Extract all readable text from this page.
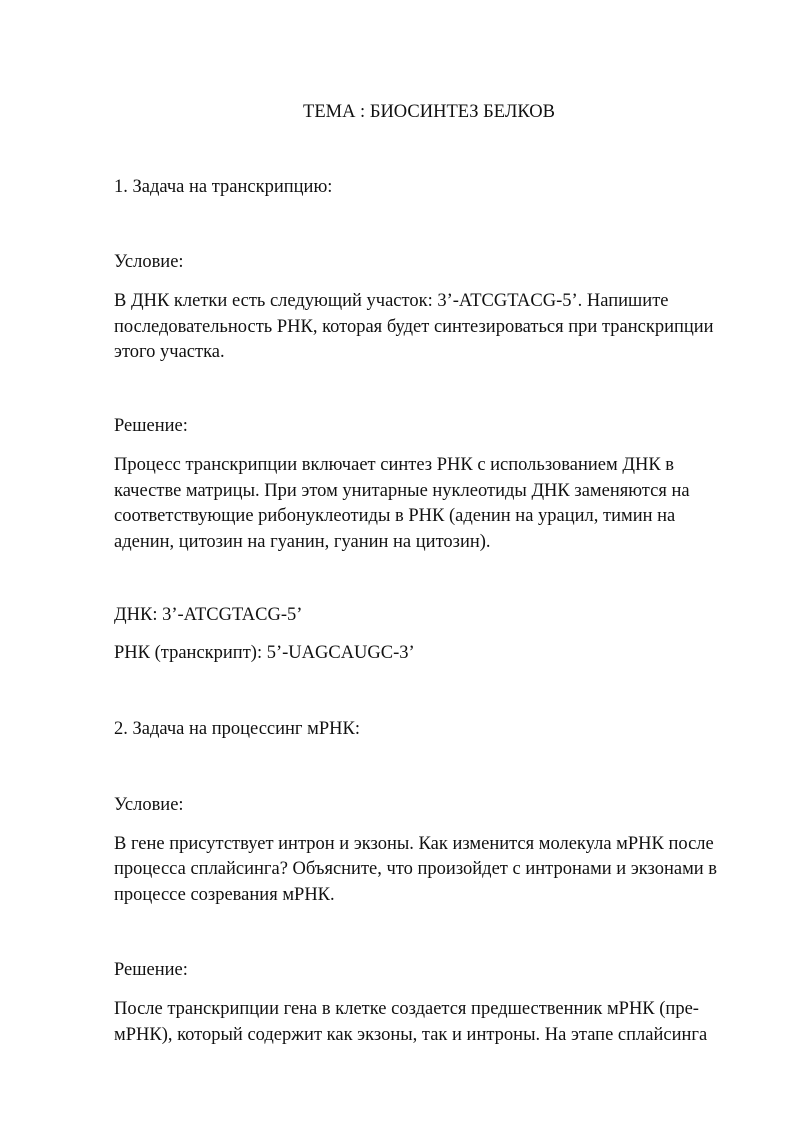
ТЕМА : БИОСИНТЕЗ БЕЛКОВ
1. Задача на транскрипцию:
Условие:
В ДНК клетки есть следующий участок: 3’-ATCGTACG-5’. Напишите
последовательность РНК, которая будет синтезироваться при транскрипции
этого участка.
Решение:
Процесс транскрипции включает синтез РНК с использованием ДНК в
качестве матрицы. При этом унитарные нуклеотиды ДНК заменяются на
соответствующие рибонуклеотиды в РНК (аденин на урацил, тимин на
аденин, цитозин на гуанин, гуанин на цитозин).
ДНК: 3’-ATCGTACG-5’
РНК (транскрипт): 5’-UAGCAUGC-3’
2. Задача на процессинг мРНК:
Условие:
В гене присутствует интрон и экзоны. Как изменится молекула мРНК после
процесса сплайсинга? Объясните, что произойдет с интронами и экзонами в
процессе созревания мРНК.
Решение:
После транскрипции гена в клетке создается предшественник мРНК (пре-
мРНК), который содержит как экзоны, так и интроны. На этапе сплайсинга
